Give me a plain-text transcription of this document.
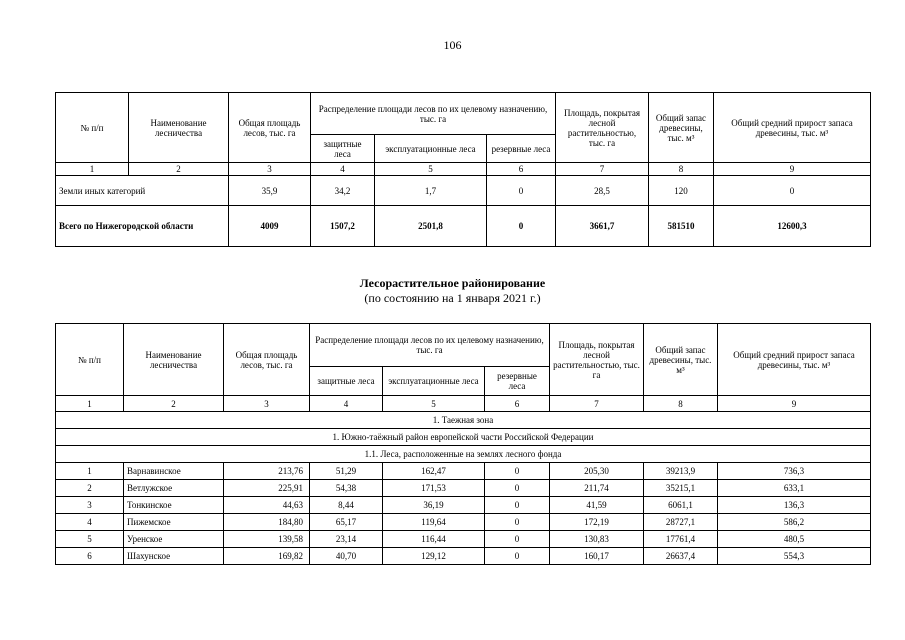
106
№ п/п	Наименование лесничества	Общая площадь лесов, тыс. га	Распределение площади лесов по их целевому назначению, тыс. га			Площадь, покрытая лесной растительностью, тыс. га	Общий запас древесины, тыс. м³	Общий средний прирост запаса древесины, тыс. м³
			защитные леса	эксплуатационные леса	резервные леса			
1	2	3	4	5	6	7	8	9
Земли иных категорий		35,9	34,2	1,7	0	28,5	120	0
Всего по Нижегородской области		4009	1507,2	2501,8	0	3661,7	581510	12600,3
Лесорастительное районирование
(по состоянию на 1 января 2021 г.)
№ п/п	Наименование лесничества	Общая площадь лесов, тыс. га	Распределение площади лесов по их целевому назначению, тыс. га			Площадь, покрытая лесной растительностью, тыс. га	Общий запас древесины, тыс. м³	Общий средний прирост запаса древесины, тыс. м³
			защитные леса	эксплуатационные леса	резервные леса			
1	2	3	4	5	6	7	8	9
1. Таежная зона								
1. Южно-таёжный район европейской части Российской Федерации								
1.1. Леса, расположенные на землях лесного фонда								
1	Варнавинское	213,76	51,29	162,47	0	205,30	39213,9	736,3
2	Ветлужское	225,91	54,38	171,53	0	211,74	35215,1	633,1
3	Тонкинское	44,63	8,44	36,19	0	41,59	6061,1	136,3
4	Пижемское	184,80	65,17	119,64	0	172,19	28727,1	586,2
5	Уренское	139,58	23,14	116,44	0	130,83	17761,4	480,5
6	Шахунское	169,82	40,70	129,12	0	160,17	26637,4	554,3
